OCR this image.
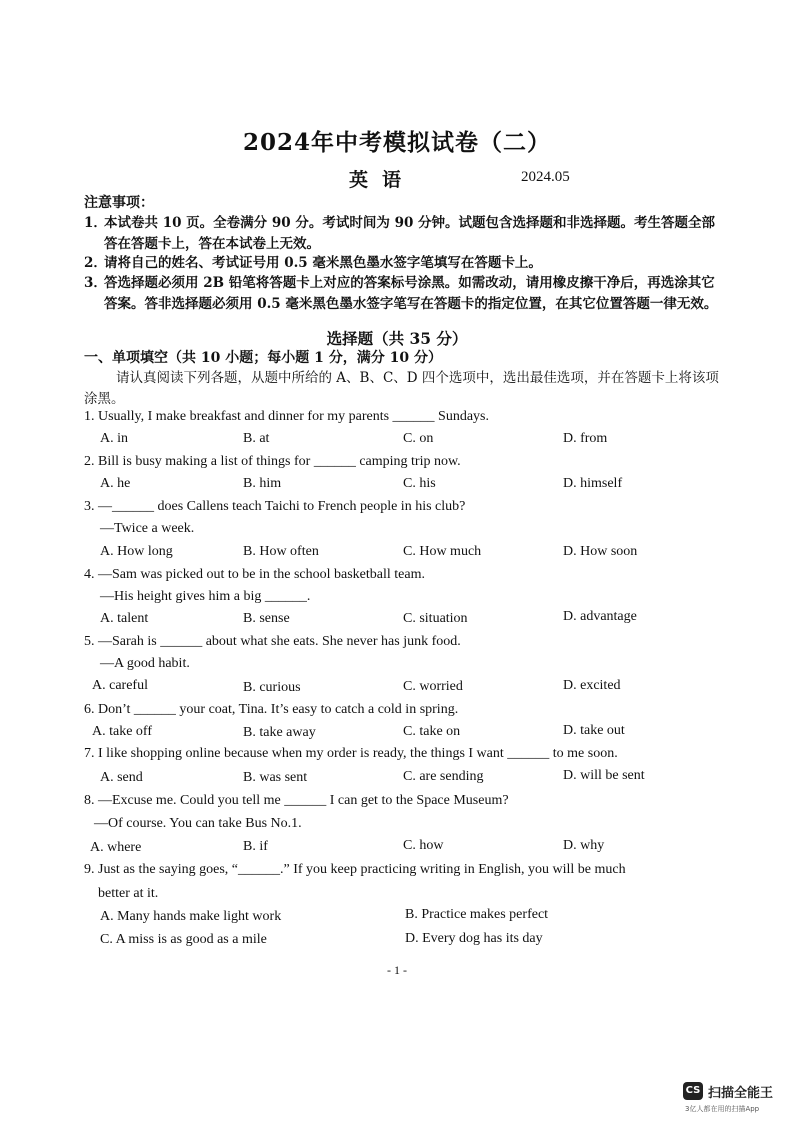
2024年中考模拟试卷（二）
英语	2024.05
注意事项：
1．
本试卷共 10 页。全卷满分 90 分。考试时间为 90 分钟。试题包含选择题和非选择题。考生答题全部答在答题卡上，答在本试卷上无效。
2．
请将自己的姓名、考试证号用 0.5 毫米黑色墨水签字笔填写在答题卡上。
3．
答选择题必须用 2B 铅笔将答题卡上对应的答案标号涂黑。如需改动，请用橡皮擦干净后，再选涂其它答案。答非选择题必须用 0.5 毫米黑色墨水签字笔写在答题卡的指定位置，在其它位置答题一律无效。
选择题（共 35 分）
一、单项填空（共 10 小题；每小题 1 分，满分 10 分）
请认真阅读下列各题，从题中所给的 A、B、C、D 四个选项中，选出最佳选项，并在答题卡上将该项涂黑。
1. Usually, I make breakfast and dinner for my parents ______ Sundays.
A. in	B. at	C. on	D. from
2. Bill is busy making a list of things for ______ camping trip now.
A. he	B. him	C. his	D. himself
3. —______ does Callens teach Taichi to French people in his club?
—Twice a week.
A. How long	B. How often	C. How much	D. How soon
4. —Sam was picked out to be in the school basketball team.
—His height gives him a big ______.
A. talent	B. sense	C. situation	D. advantage
5. —Sarah is ______ about what she eats. She never has junk food.
—A good habit.
A. careful	B. curious	C. worried	D. excited
6. Don’t ______ your coat, Tina. It’s easy to catch a cold in spring.
A. take off	B. take away	C. take on	D. take out
7. I like shopping online because when my order is ready, the things I want ______ to me soon.
A. send	B. was sent	C. are sending	D. will be sent
8. —Excuse me. Could you tell me ______ I can get to the Space Museum?
—Of course. You can take Bus No.1.
A. where	B. if	C. how	D. why
9. Just as the saying goes, “______.” If you keep practicing writing in English, you will be much
better at it.
A. Many hands make light work	B. Practice makes perfect
C. A miss is as good as a mile	D. Every dog has its day
- 1 -
CS 扫描全能王
3亿人都在用的扫描App
